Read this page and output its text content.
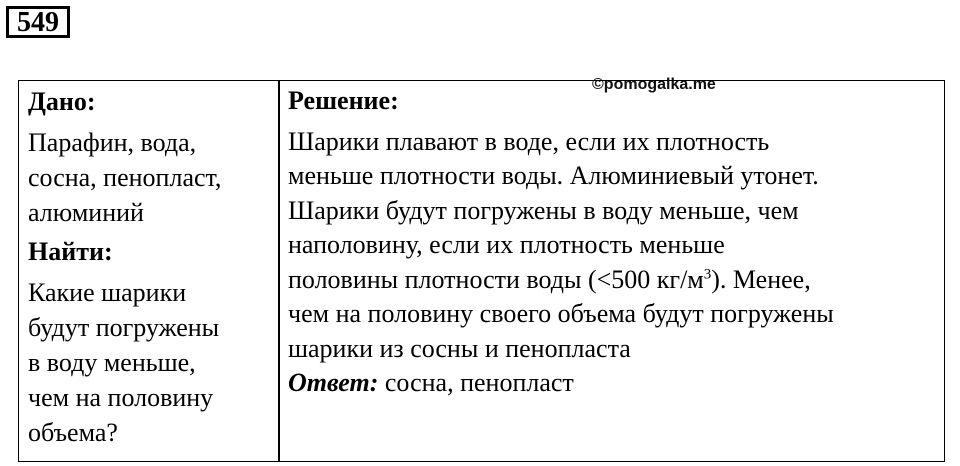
549
©pomogalka.me
Дано:
Парафин, вода,
сосна, пенопласт,
алюминий
Найти:
Какие шарики
будут погружены
в воду меньше,
чем на половину
объема?
Решение:
Шарики плавают в воде, если их плотность
меньше плотности воды. Алюминиевый утонет.
Шарики будут погружены в воду меньше, чем
наполовину, если их плотность меньше
половины плотности воды (<500 $кг/м^3$). Менее,
чем на половину своего объема будут погружены
шарики из сосны и пенопласта
Ответ: сосна, пенопласт
